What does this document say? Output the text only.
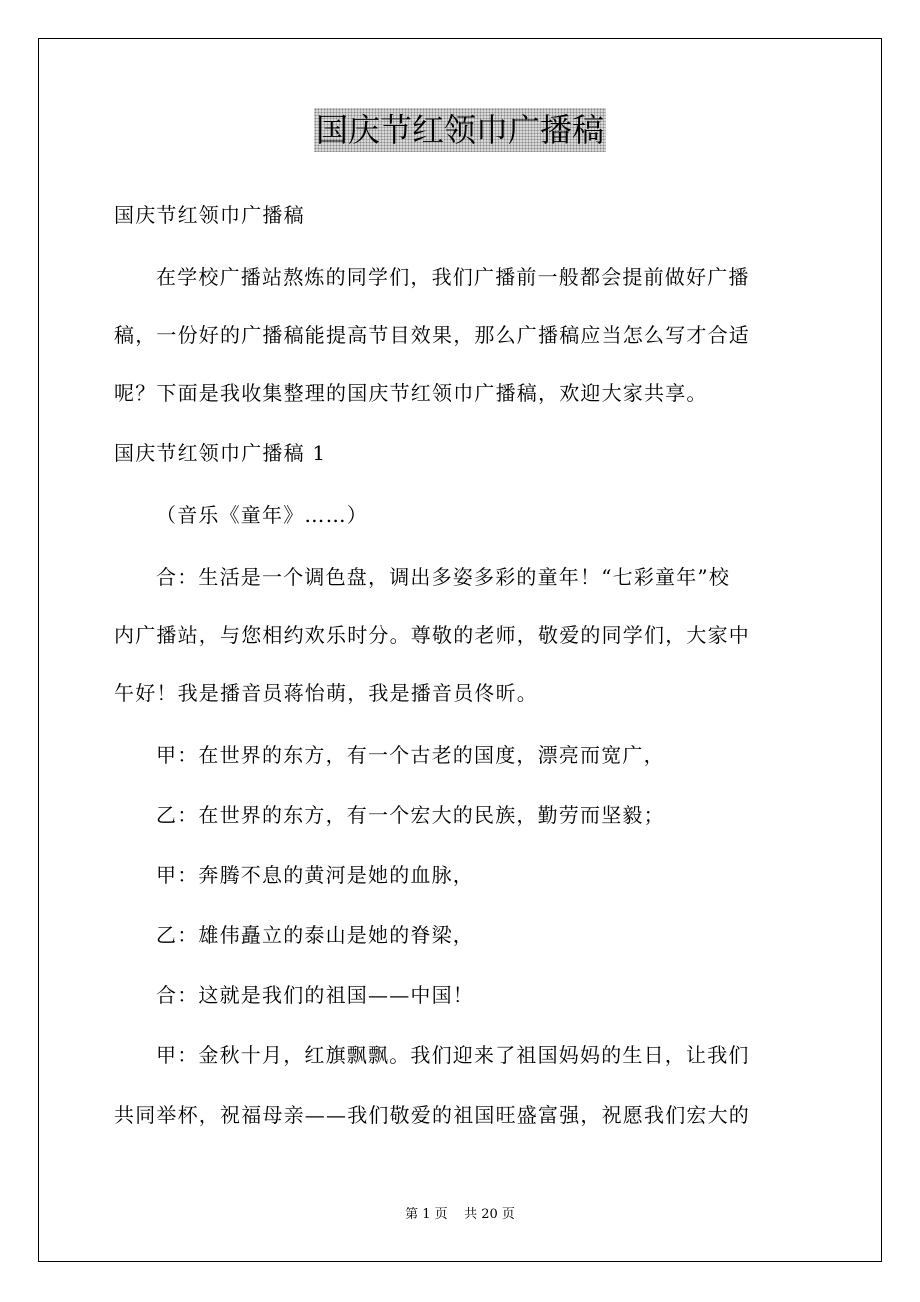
国庆节红领巾广播稿
国庆节红领巾广播稿
在学校广播站熬炼的同学们，我们广播前一般都会提前做好广播
稿，一份好的广播稿能提高节目效果，那么广播稿应当怎么写才合适
呢？下面是我收集整理的国庆节红领巾广播稿，欢迎大家共享。
国庆节红领巾广播稿 1
（音乐《童年》……）
合：生活是一个调色盘，调出多姿多彩的童年！“七彩童年”校
内广播站，与您相约欢乐时分。尊敬的老师，敬爱的同学们，大家中
午好！我是播音员蒋怡萌，我是播音员佟昕。
甲：在世界的东方，有一个古老的国度，漂亮而宽广，
乙：在世界的东方，有一个宏大的民族，勤劳而坚毅；
甲：奔腾不息的黄河是她的血脉，
乙：雄伟矗立的泰山是她的脊梁，
合：这就是我们的祖国——中国！
甲：金秋十月，红旗飘飘。我们迎来了祖国妈妈的生日，让我们
共同举杯，祝福母亲——我们敬爱的祖国旺盛富强，祝愿我们宏大的
第 1 页    共 20 页
